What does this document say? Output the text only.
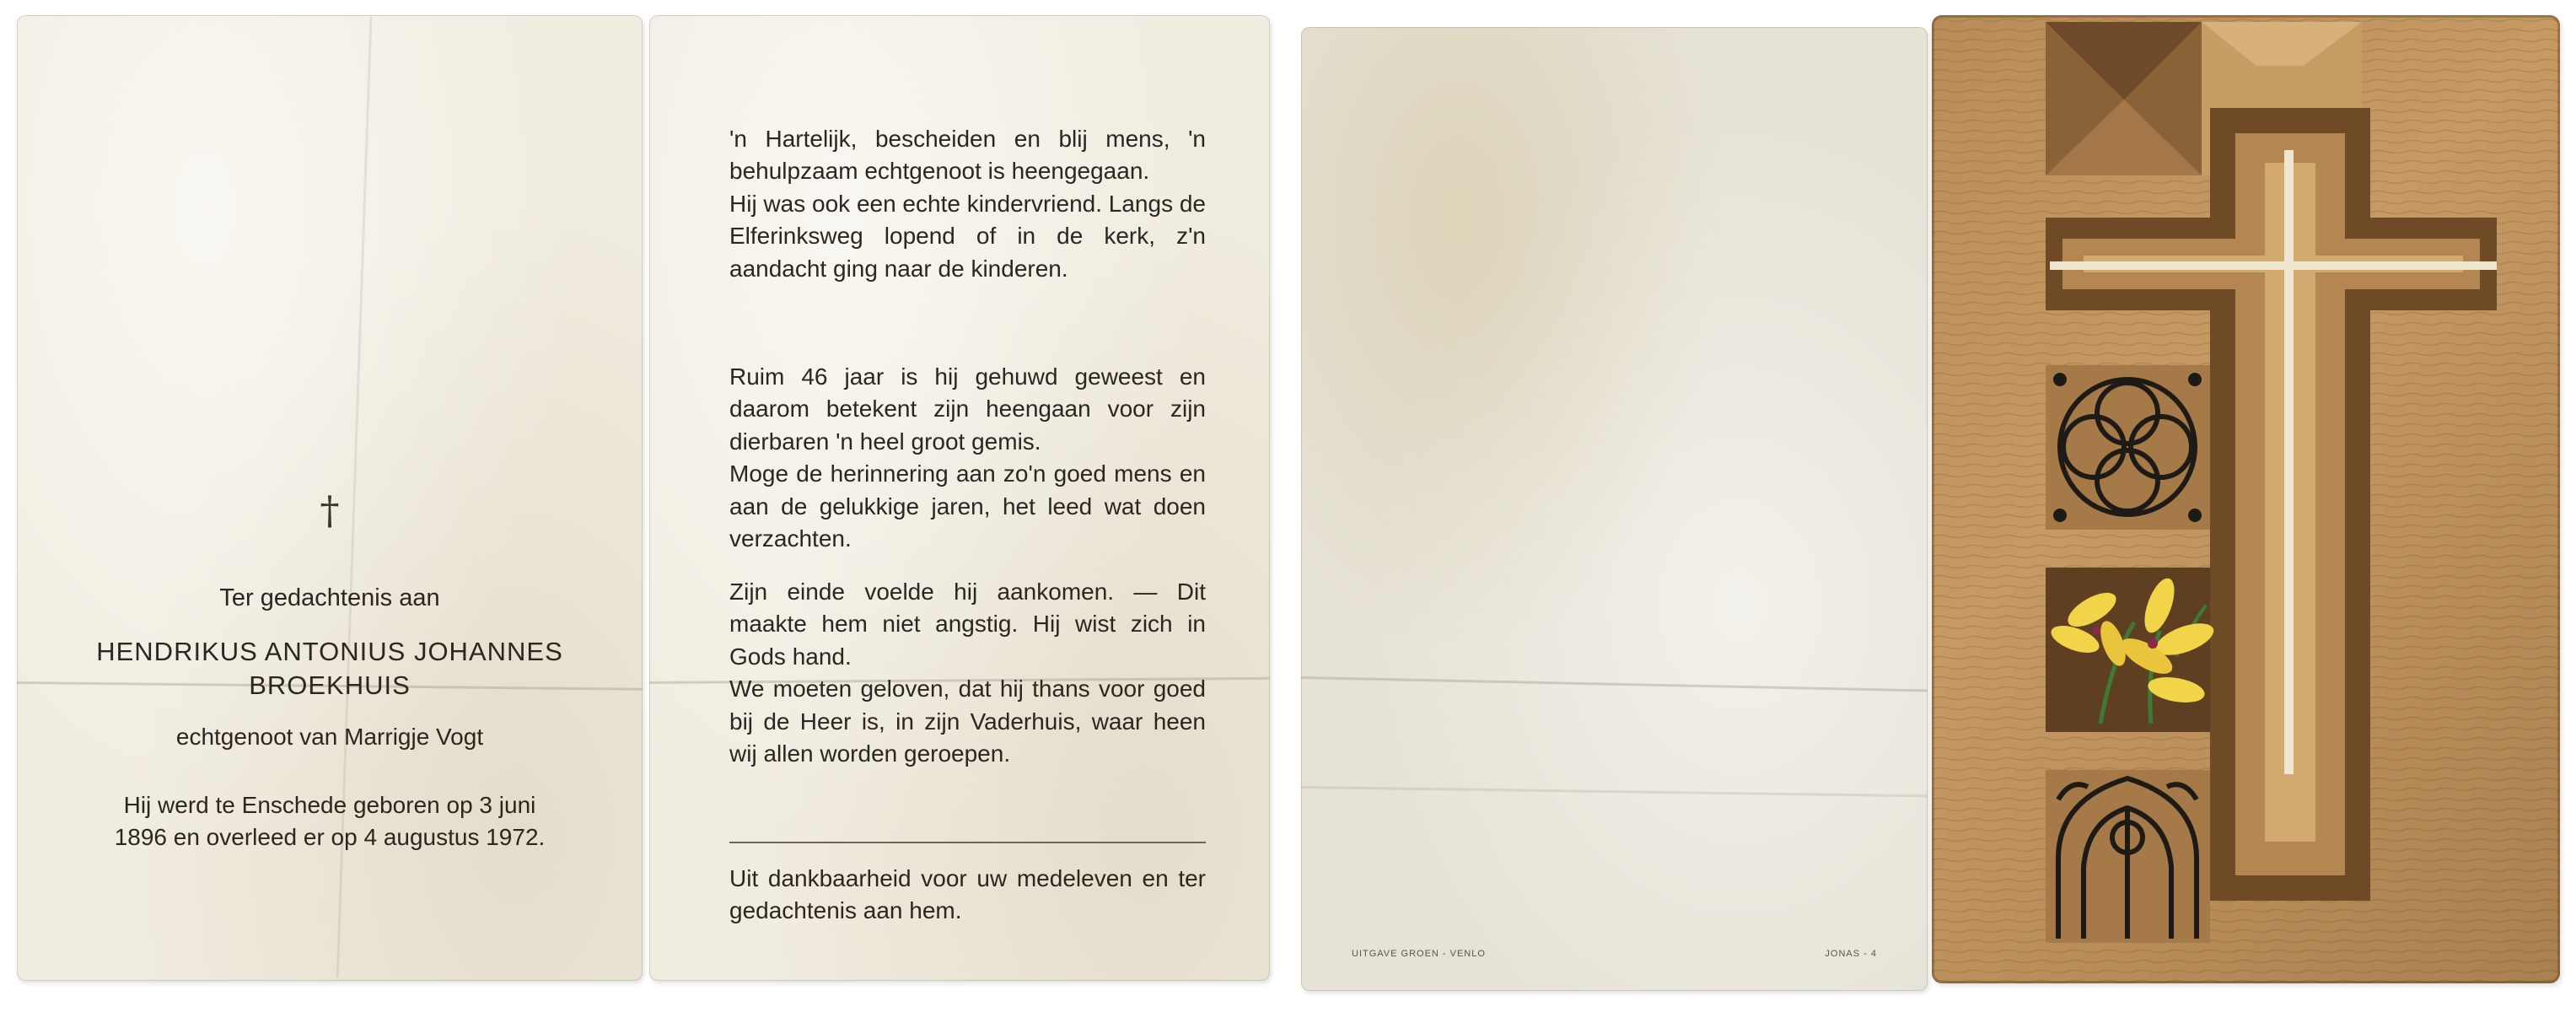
†
Ter gedachtenis aan
HENDRIKUS ANTONIUS JOHANNES
BROEKHUIS
echtgenoot van Marrigje Vogt
Hij werd te Enschede geboren op 3 juni 1896 en overleed er op 4 augustus 1972.

'n Hartelijk, bescheiden en blij mens, 'n behulpzaam echtgenoot is heengegaan.

Hij was ook een echte kindervriend. Langs de Elferinksweg lopend of in de kerk, z'n aandacht ging naar de kinderen.

Ruim 46 jaar is hij gehuwd geweest en daarom betekent zijn heengaan voor zijn dierbaren 'n heel groot gemis.

Moge de herinnering aan zo'n goed mens en aan de gelukkige jaren, het leed wat doen verzachten.

Zijn einde voelde hij aankomen. — Dit maakte hem niet angstig. Hij wist zich in Gods hand.

We moeten geloven, dat hij thans voor goed bij de Heer is, in zijn Vaderhuis, waar heen wij allen worden geroepen.

Uit dankbaarheid voor uw medeleven en ter gedachtenis aan hem.
UITGAVE GROEN - VENLO	JONAS - 4
